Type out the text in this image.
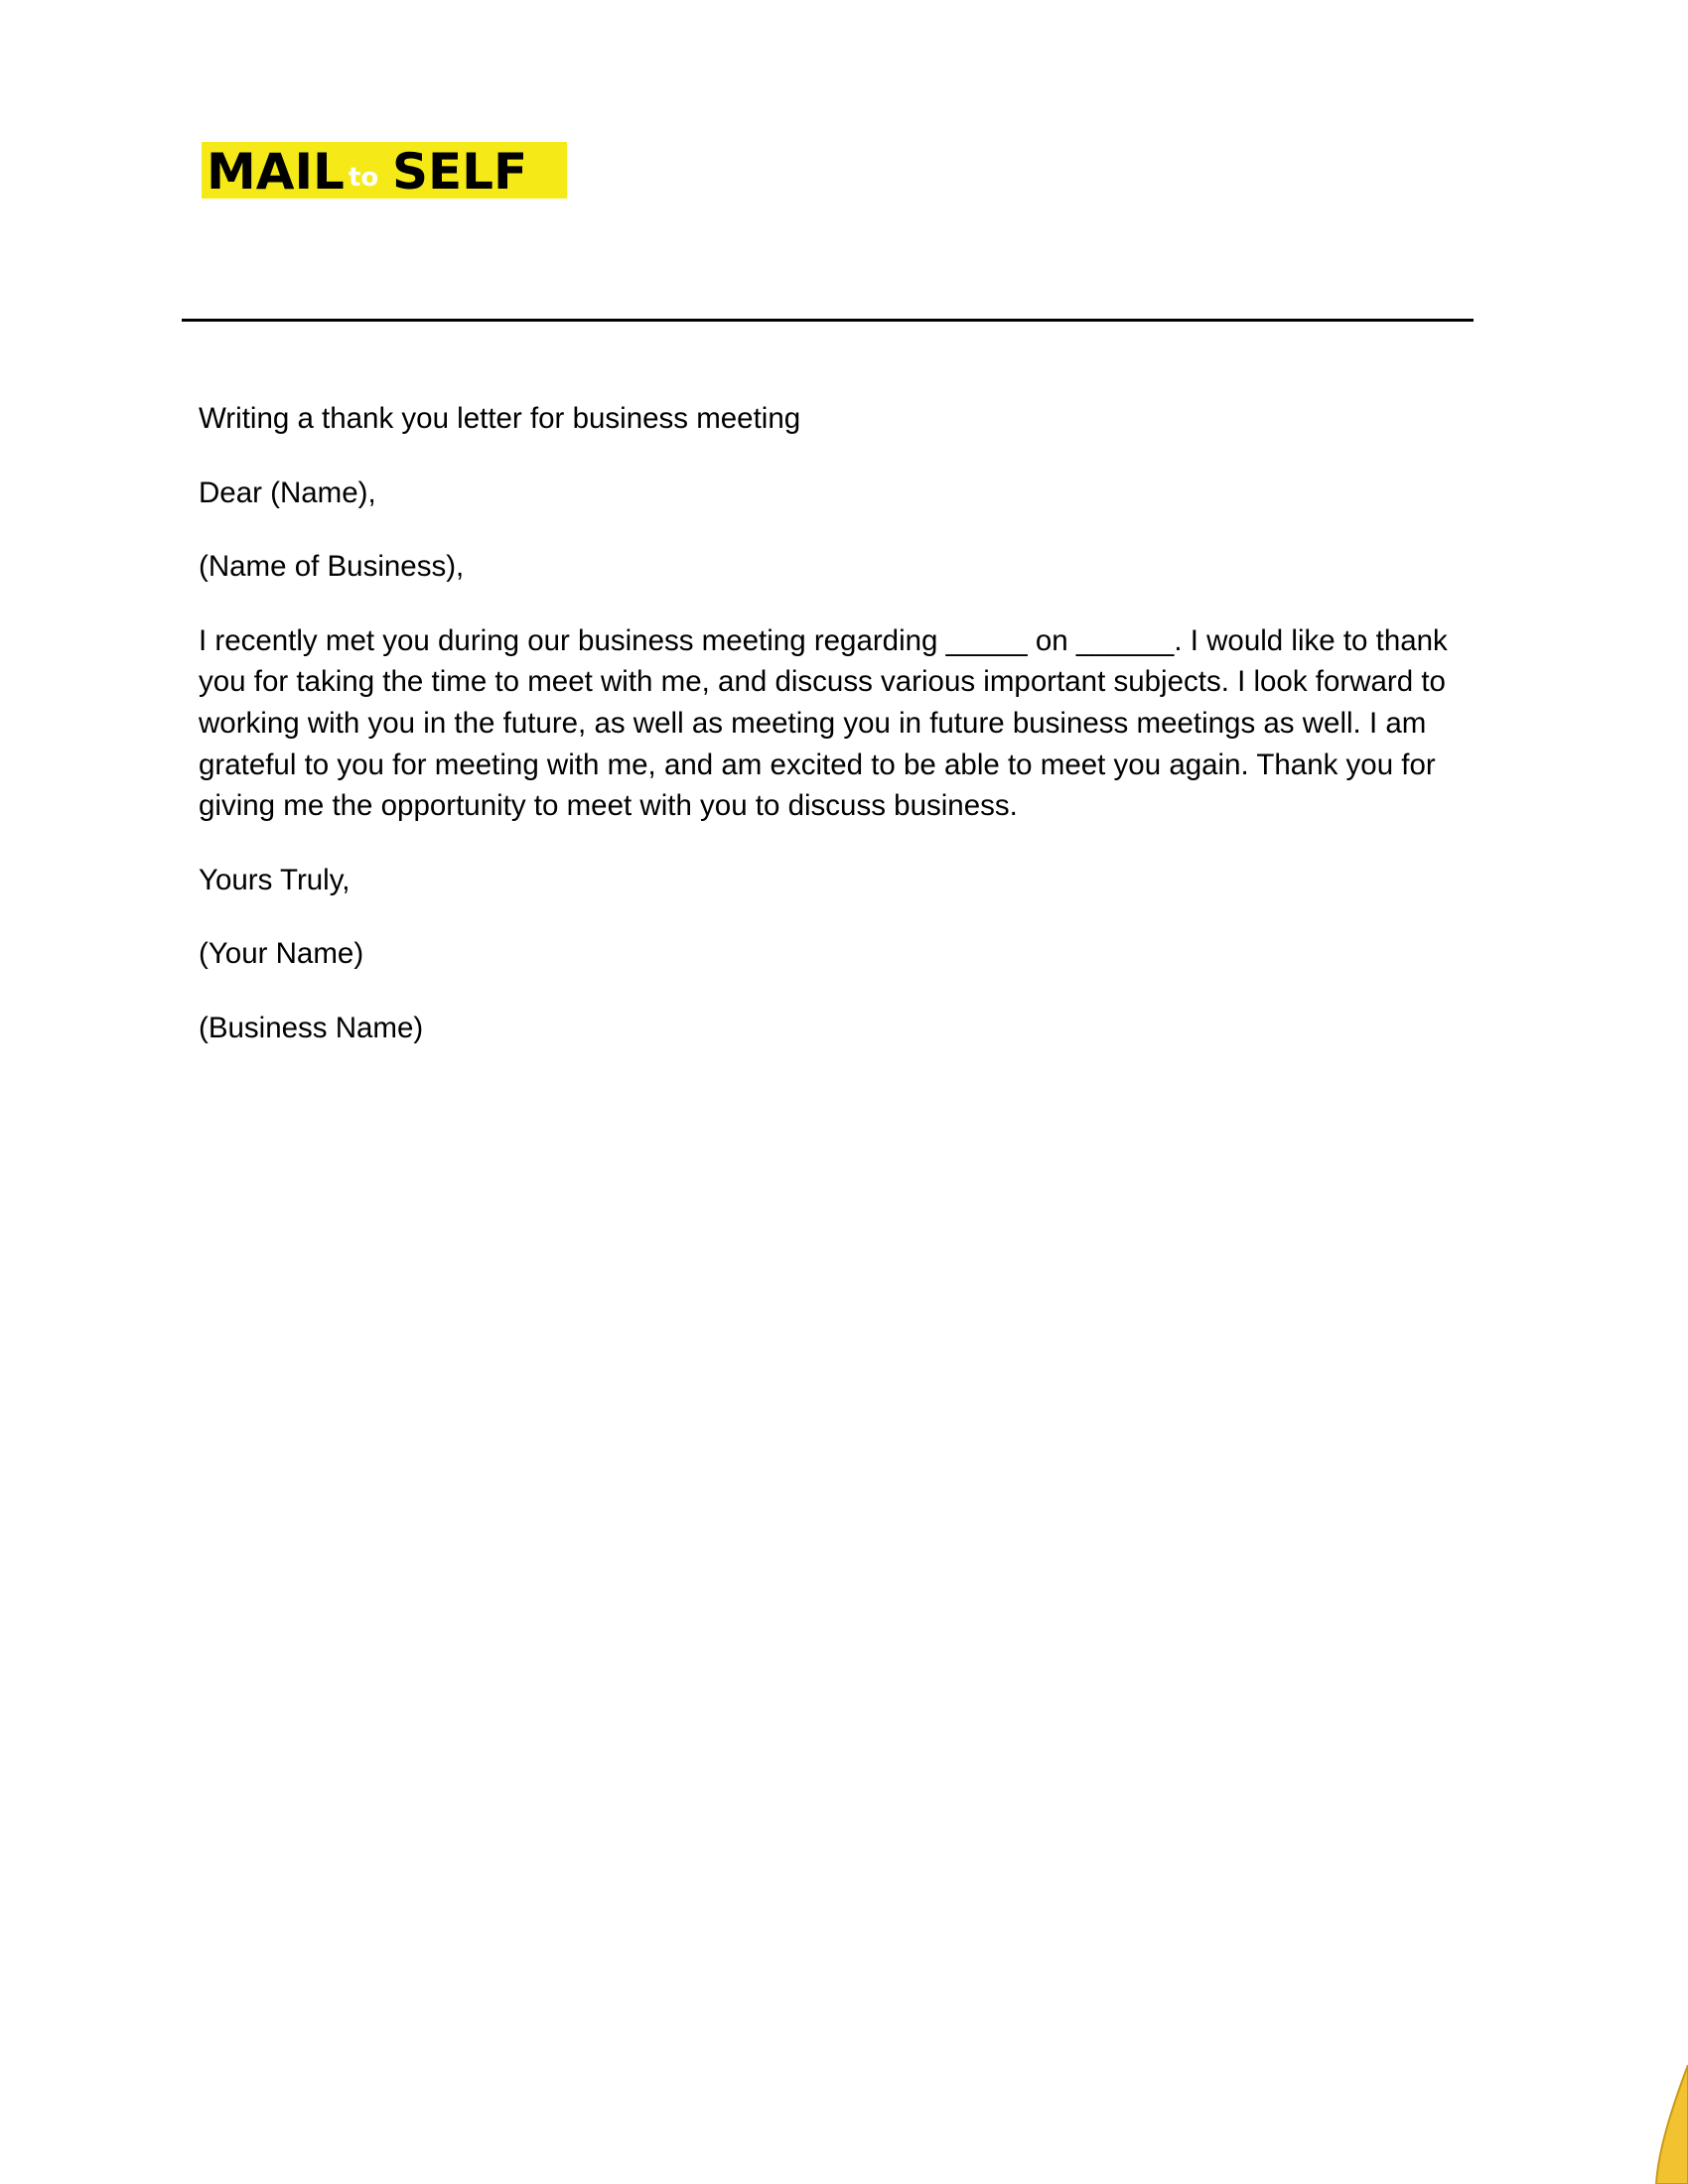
MAIL to SELF

Writing a thank you letter for business meeting

Dear (Name),

(Name of Business),

I recently met you during our business meeting regarding _____ on ______. I would like to thank you for taking the time to meet with me, and discuss various important subjects. I look forward to working with you in the future, as well as meeting you in future business meetings as well. I am grateful to you for meeting with me, and am excited to be able to meet you again. Thank you for giving me the opportunity to meet with you to discuss business.

Yours Truly,

(Your Name)

(Business Name)
